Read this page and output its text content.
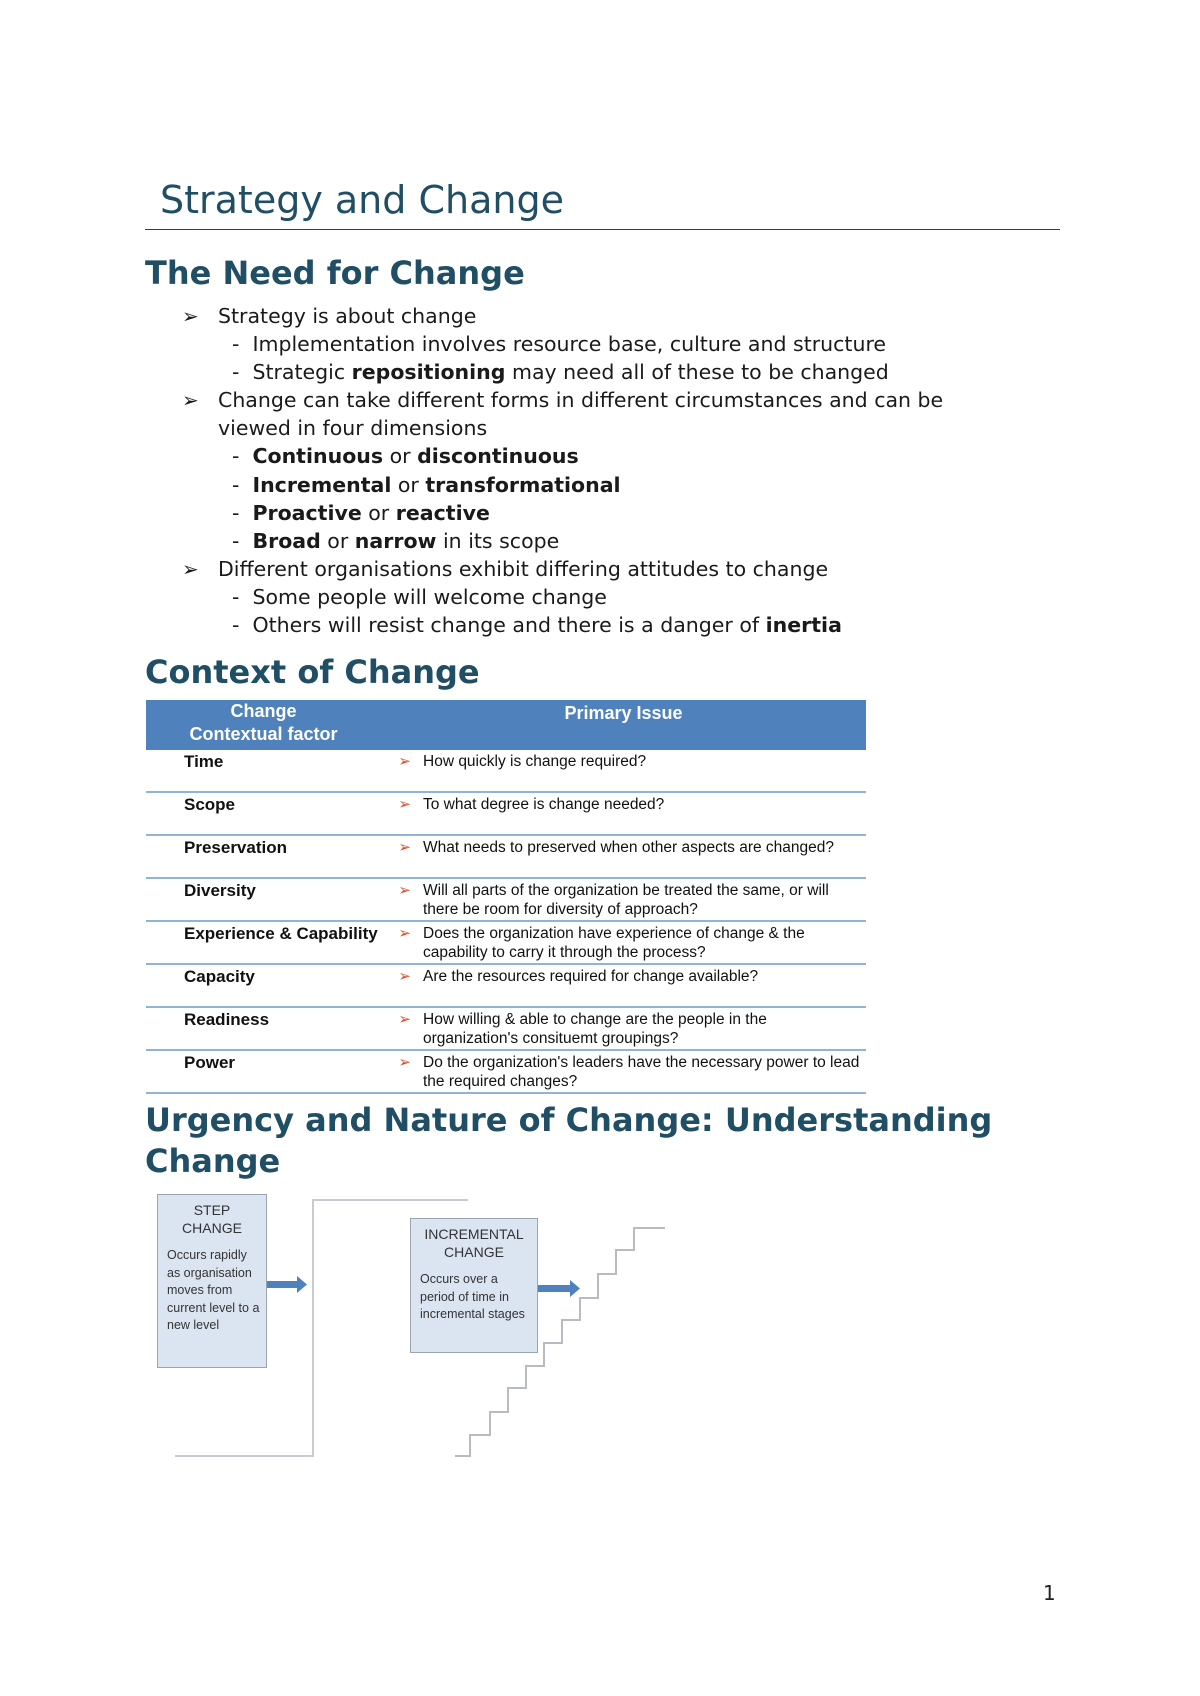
Strategy and Change
The Need for Change
➢ Strategy is about change
- Implementation involves resource base, culture and structure
- Strategic repositioning may need all of these to be changed
➢ Change can take different forms in different circumstances and can be
viewed in four dimensions
- Continuous or discontinuous
- Incremental or transformational
- Proactive or reactive
- Broad or narrow in its scope
➢ Different organisations exhibit differing attitudes to change
- Some people will welcome change
- Others will resist change and there is a danger of inertia
Context of Change
Change
Contextual factor	Primary Issue	
Time	➢	How quickly is change required?
Scope	➢	To what degree is change needed?
Preservation	➢	What needs to preserved when other aspects are changed?
Diversity	➢	Will all parts of the organization be treated the same, or will there be room for diversity of approach?
Experience & Capability	➢	Does the organization have experience of change & the capability to carry it through the process?
Capacity	➢	Are the resources required for change available?
Readiness	➢	How willing & able to change are the people in the organization's consituemt groupings?
Power	➢	Do the organization's leaders have the necessary power to lead the required changes?
Urgency and Nature of Change: Understanding
Change
STEP
CHANGE
Occurs rapidly as organisation moves from current level to a new level
INCREMENTAL
CHANGE
Occurs over a period of time in incremental stages
1
